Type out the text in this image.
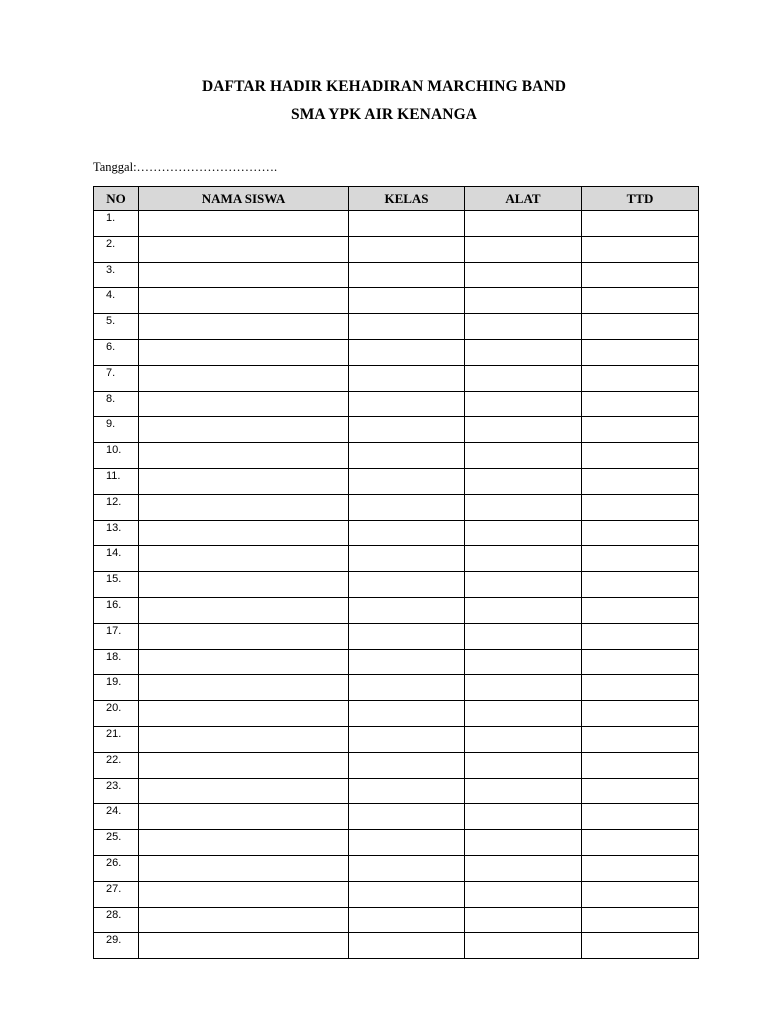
DAFTAR HADIR KEHADIRAN MARCHING BAND
SMA YPK AIR KENANGA
Tanggal:…………………………….
NO	NAMA SISWA	KELAS	ALAT	TTD
1.				
2.				
3.				
4.				
5.				
6.				
7.				
8.				
9.				
10.				
11.				
12.				
13.				
14.				
15.				
16.				
17.				
18.				
19.				
20.				
21.				
22.				
23.				
24.				
25.				
26.				
27.				
28.				
29.				
